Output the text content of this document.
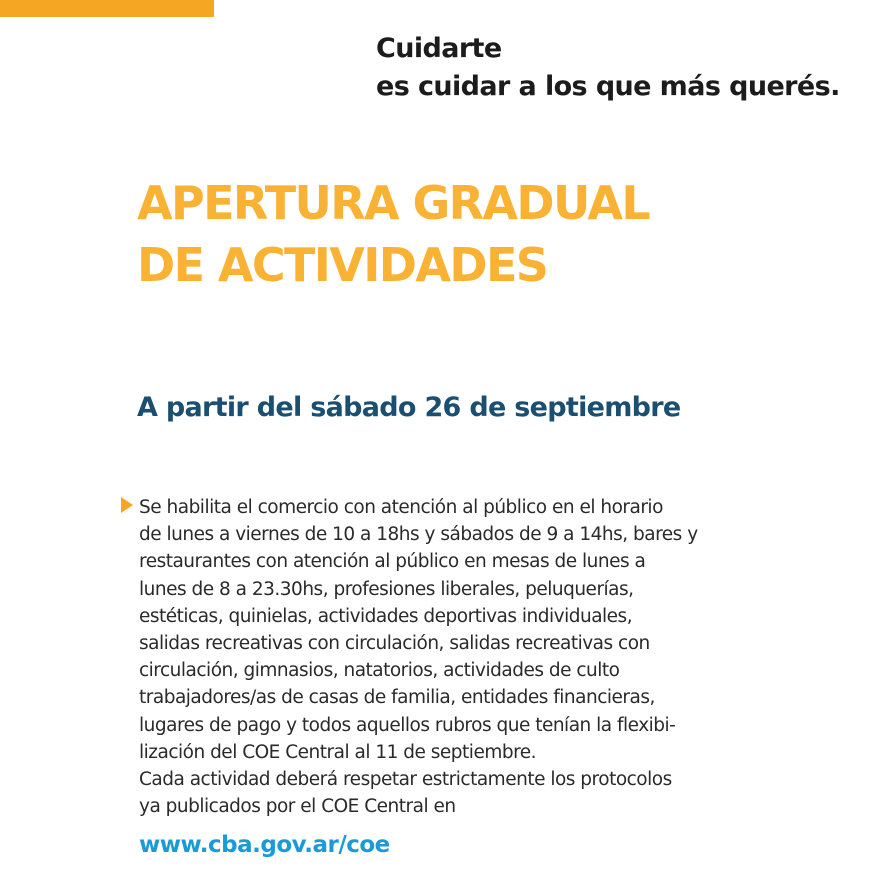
Cuidarte
es cuidar a los que más querés.
APERTURA GRADUAL
DE ACTIVIDADES
A partir del sábado 26 de septiembre
Se habilita el comercio con atención al público en el horario
de lunes a viernes de 10 a 18hs y sábados de 9 a 14hs, bares y
restaurantes con atención al público en mesas de lunes a
lunes de 8 a 23.30hs, profesiones liberales, peluquerías,
estéticas, quinielas, actividades deportivas individuales,
salidas recreativas con circulación, salidas recreativas con
circulación, gimnasios, natatorios, actividades de culto
trabajadores/as de casas de familia, entidades financieras,
lugares de pago y todos aquellos rubros que tenían la flexibi-
lización del COE Central al 11 de septiembre.
Cada actividad deberá respetar estrictamente los protocolos
ya publicados por el COE Central en
www.cba.gov.ar/coe
